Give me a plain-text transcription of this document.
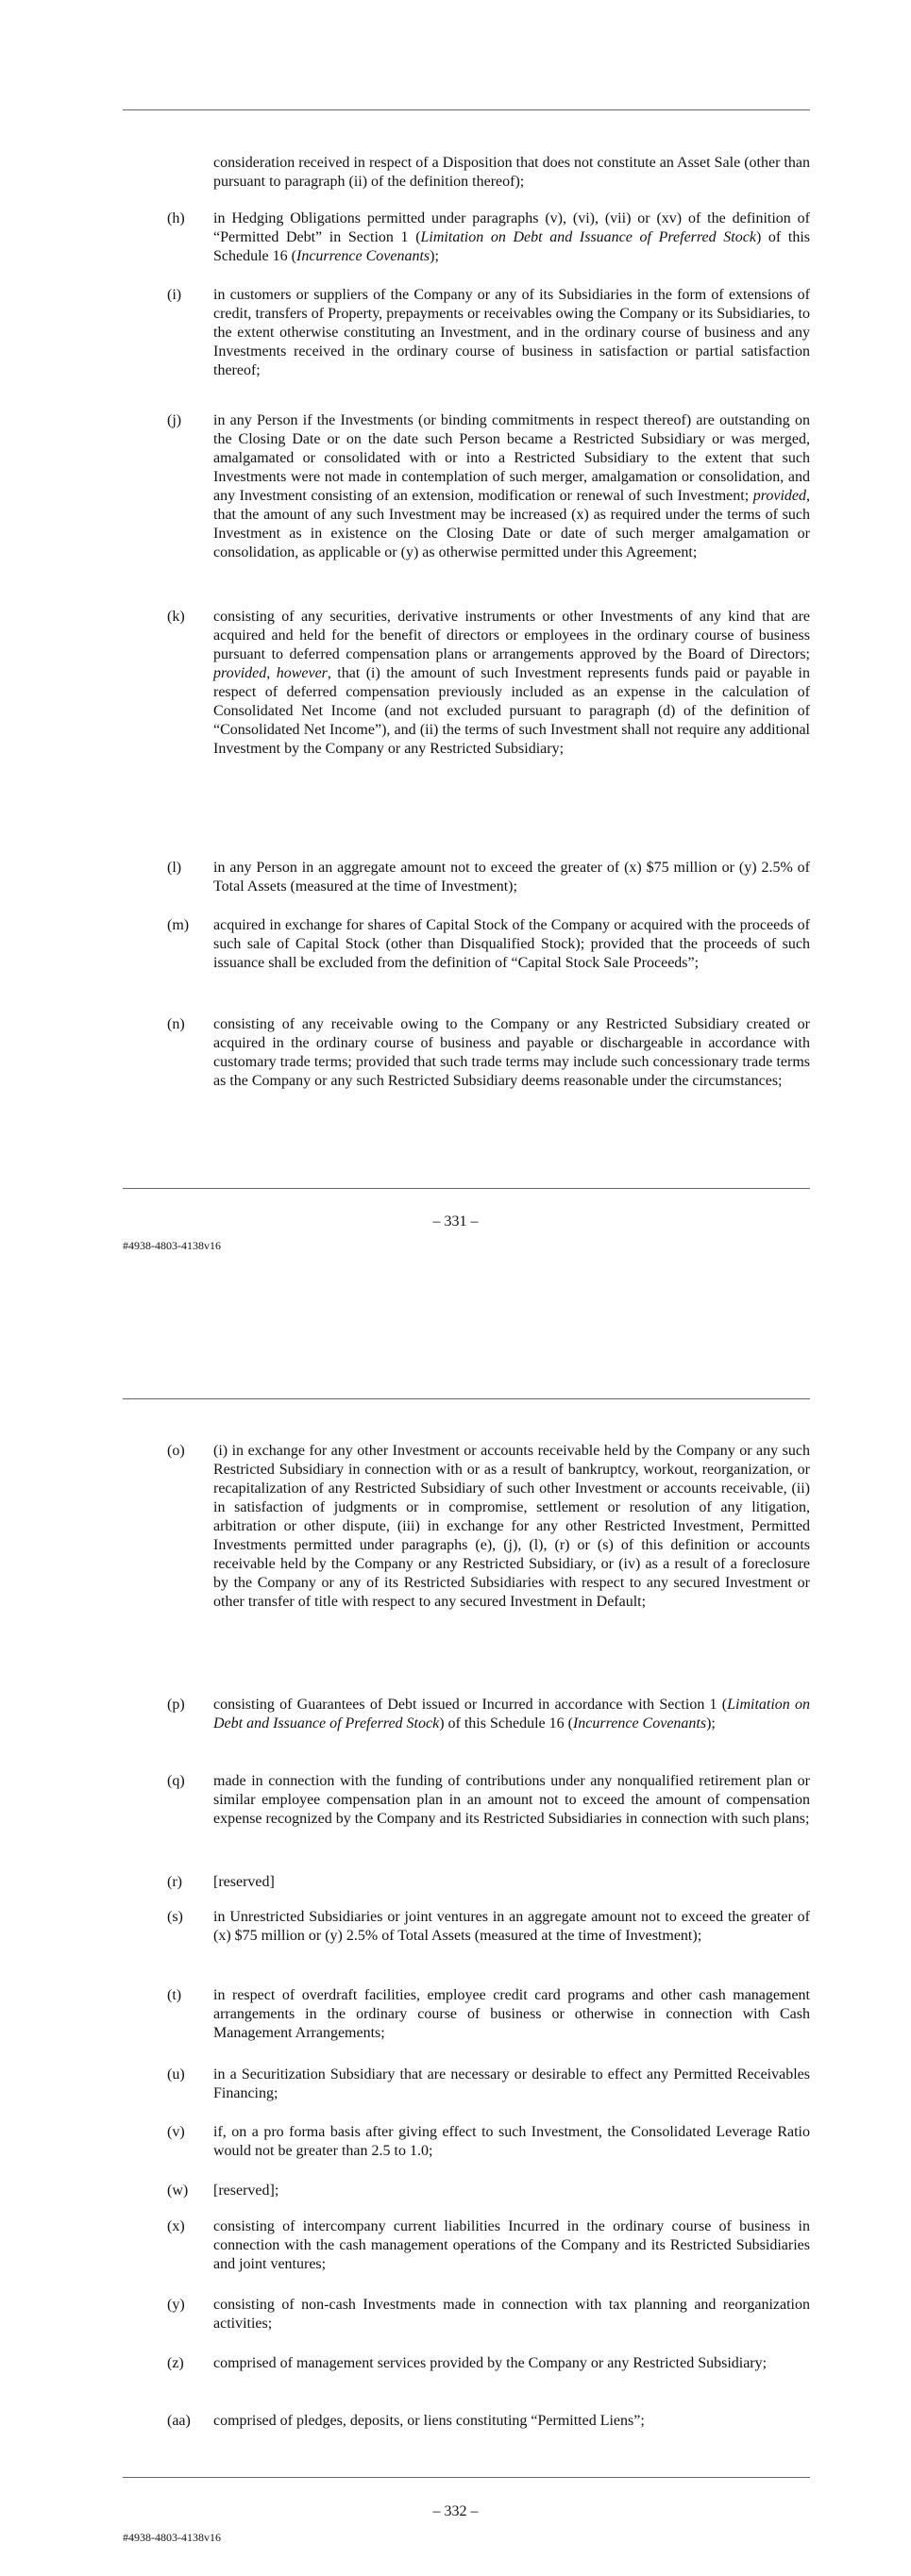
consideration received in respect of a Disposition that does not constitute an Asset Sale (other than pursuant to paragraph (ii) of the definition thereof);
(h) in Hedging Obligations permitted under paragraphs (v), (vi), (vii) or (xv) of the definition of “Permitted Debt” in Section 1 (Limitation on Debt and Issuance of Preferred Stock) of this Schedule 16 (Incurrence Covenants);
(i) in customers or suppliers of the Company or any of its Subsidiaries in the form of extensions of credit, transfers of Property, prepayments or receivables owing the Company or its Subsidiaries, to the extent otherwise constituting an Investment, and in the ordinary course of business and any Investments received in the ordinary course of business in satisfaction or partial satisfaction thereof;
(j) in any Person if the Investments (or binding commitments in respect thereof) are outstanding on the Closing Date or on the date such Person became a Restricted Subsidiary or was merged, amalgamated or consolidated with or into a Restricted Subsidiary to the extent that such Investments were not made in contemplation of such merger, amalgamation or consolidation, and any Investment consisting of an extension, modification or renewal of such Investment; provided, that the amount of any such Investment may be increased (x) as required under the terms of such Investment as in existence on the Closing Date or date of such merger amalgamation or consolidation, as applicable or (y) as otherwise permitted under this Agreement;
(k) consisting of any securities, derivative instruments or other Investments of any kind that are acquired and held for the benefit of directors or employees in the ordinary course of business pursuant to deferred compensation plans or arrangements approved by the Board of Directors; provided, however, that (i) the amount of such Investment represents funds paid or payable in respect of deferred compensation previously included as an expense in the calculation of Consolidated Net Income (and not excluded pursuant to paragraph (d) of the definition of “Consolidated Net Income”), and (ii) the terms of such Investment shall not require any additional Investment by the Company or any Restricted Subsidiary;
(l) in any Person in an aggregate amount not to exceed the greater of (x) $75 million or (y) 2.5% of Total Assets (measured at the time of Investment);
(m) acquired in exchange for shares of Capital Stock of the Company or acquired with the proceeds of such sale of Capital Stock (other than Disqualified Stock); provided that the proceeds of such issuance shall be excluded from the definition of “Capital Stock Sale Proceeds”;
(n) consisting of any receivable owing to the Company or any Restricted Subsidiary created or acquired in the ordinary course of business and payable or dischargeable in accordance with customary trade terms; provided that such trade terms may include such concessionary trade terms as the Company or any such Restricted Subsidiary deems reasonable under the circumstances;
– 331 –
#4938-4803-4138v16
(o) (i) in exchange for any other Investment or accounts receivable held by the Company or any such Restricted Subsidiary in connection with or as a result of bankruptcy, workout, reorganization, or recapitalization of any Restricted Subsidiary of such other Investment or accounts receivable, (ii) in satisfaction of judgments or in compromise, settlement or resolution of any litigation, arbitration or other dispute, (iii) in exchange for any other Restricted Investment, Permitted Investments permitted under paragraphs (e), (j), (l), (r) or (s) of this definition or accounts receivable held by the Company or any Restricted Subsidiary, or (iv) as a result of a foreclosure by the Company or any of its Restricted Subsidiaries with respect to any secured Investment or other transfer of title with respect to any secured Investment in Default;
(p) consisting of Guarantees of Debt issued or Incurred in accordance with Section 1 (Limitation on Debt and Issuance of Preferred Stock) of this Schedule 16 (Incurrence Covenants);
(q) made in connection with the funding of contributions under any nonqualified retirement plan or similar employee compensation plan in an amount not to exceed the amount of compensation expense recognized by the Company and its Restricted Subsidiaries in connection with such plans;
(r) [reserved]
(s) in Unrestricted Subsidiaries or joint ventures in an aggregate amount not to exceed the greater of (x) $75 million or (y) 2.5% of Total Assets (measured at the time of Investment);
(t) in respect of overdraft facilities, employee credit card programs and other cash management arrangements in the ordinary course of business or otherwise in connection with Cash Management Arrangements;
(u) in a Securitization Subsidiary that are necessary or desirable to effect any Permitted Receivables Financing;
(v) if, on a pro forma basis after giving effect to such Investment, the Consolidated Leverage Ratio would not be greater than 2.5 to 1.0;
(w) [reserved];
(x) consisting of intercompany current liabilities Incurred in the ordinary course of business in connection with the cash management operations of the Company and its Restricted Subsidiaries and joint ventures;
(y) consisting of non-cash Investments made in connection with tax planning and reorganization activities;
(z) comprised of management services provided by the Company or any Restricted Subsidiary;
(aa) comprised of pledges, deposits, or liens constituting “Permitted Liens”;
– 332 –
#4938-4803-4138v16
